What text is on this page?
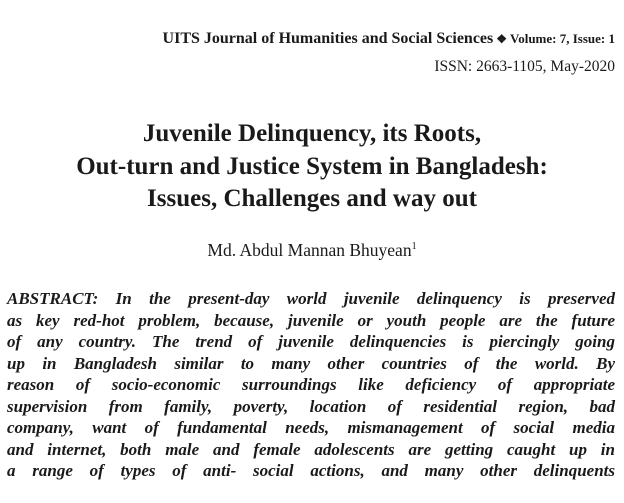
UITS Journal of Humanities and Social Sciences ❖ Volume: 7, Issue: 1
ISSN: 2663-1105, May-2020
Juvenile Delinquency, its Roots,
Out-turn and Justice System in Bangladesh:
Issues, Challenges and way out
Md. Abdul Mannan Bhuyean$^1$
ABSTRACT: In the present-day world juvenile delinquency is preserved
as key red-hot problem, because, juvenile or youth people are the future
of any country. The trend of juvenile delinquencies is piercingly going
up in Bangladesh similar to many other countries of the world. By
reason of socio-economic surroundings like deficiency of appropriate
supervision from family, poverty, location of residential region, bad
company, want of fundamental needs, mismanagement of social media
and internet, both male and female adolescents are getting caught up in
a range of types of anti- social actions, and many other delinquents
